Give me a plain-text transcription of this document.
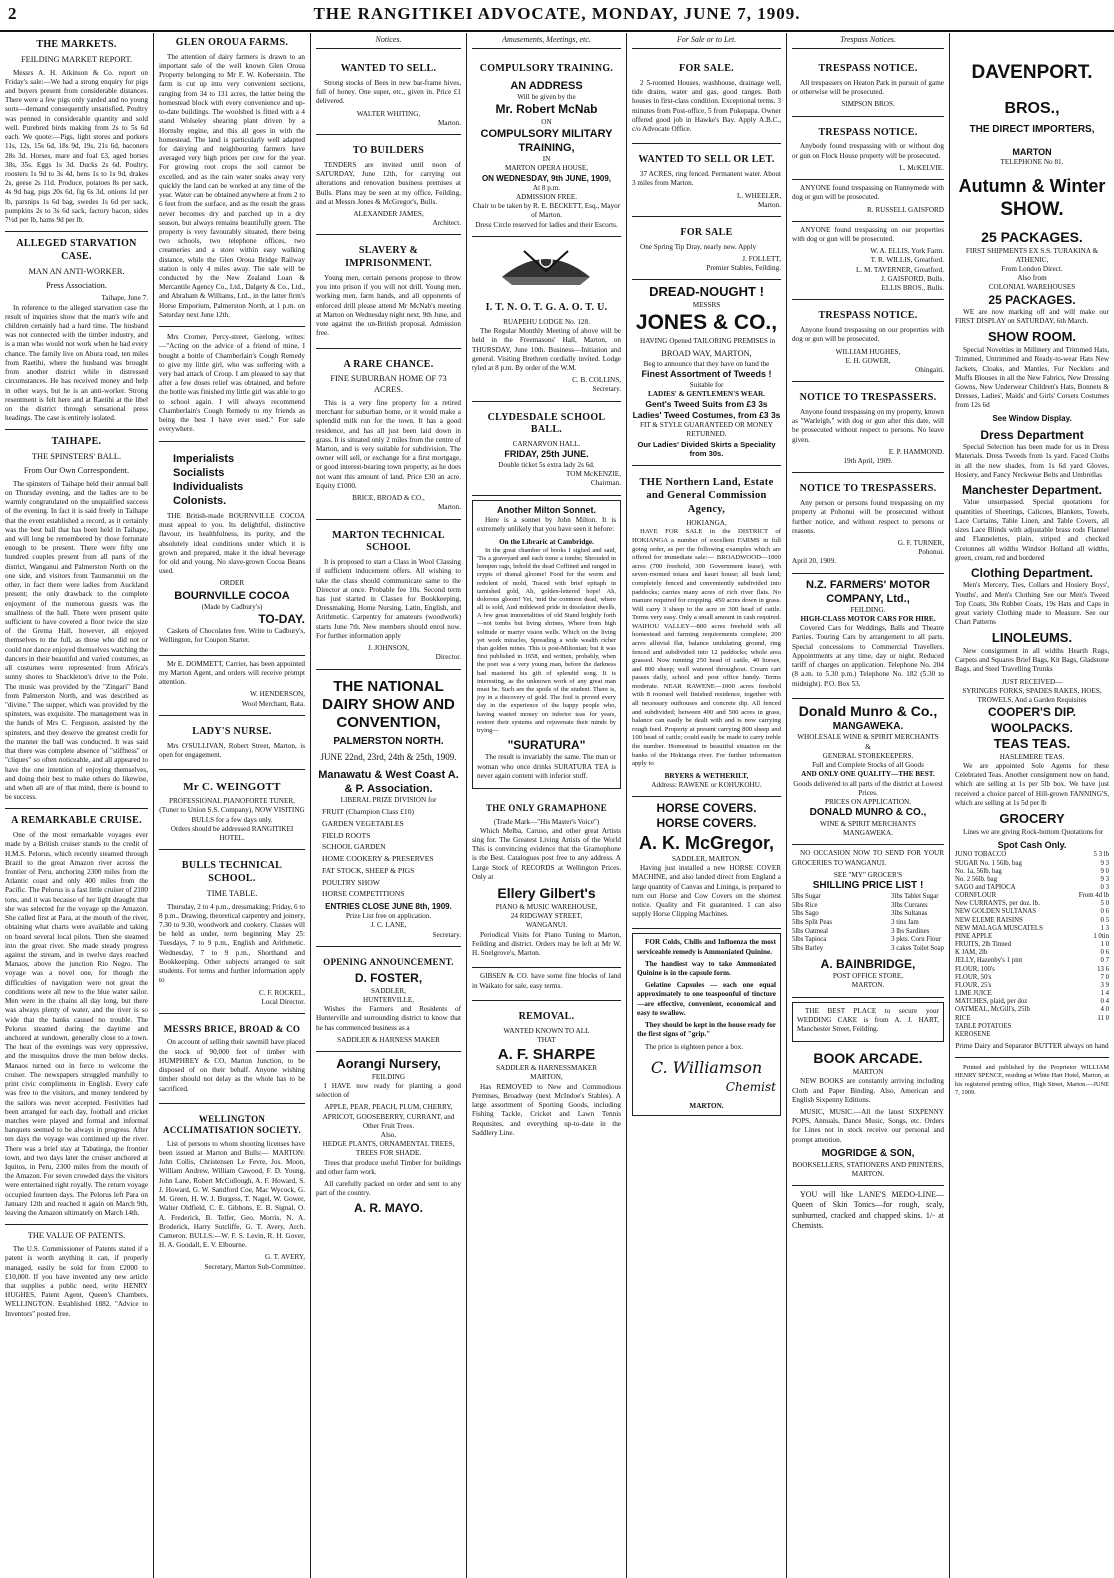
2	THE RANGITIKEI ADVOCATE, MONDAY, JUNE 7, 1909.
THE MARKETS.
FEILDING MARKET REPORT.

Messrs A. H. Atkinson & Co. report on Friday's sale:—We had a strong enquiry for pigs and buyers present from considerable distances. There were a few pigs only yarded and no young sorts—demand consequently unsatisfied. Poultry was penned in considerable quantity and sold well. Purebred birds making from 2s to 5s 6d each. We quote:—Pigs, light stores and porkers 11s, 12s, 15s 6d, 18s 9d, 19s, 21s 6d, baconers 28s 3d. Horses, mare and foal £3, aged horses 38s, 35s. Eggs 1s 3d. Ducks 2s 6d. Poultry, roosters 1s 9d to 3s 4d, hens 1s to 1s 9d, drakes 2s, geese 2s 11d. Produce, potatoes 8s per sack, 4s 9d bag, pigs 20s 6d, fig 6s 3d, onions 1d per lb, parsnips 1s 6d bag, swedes 1s 6d per sack, pumpkins 2s to 3s 6d sack, factory bacon, sides 7½d per lb, hams 9d per lb.

ALLEGED STARVATION CASE.
MAN AN ANTI-WORKER.
Press Association.
Taihape, June 7.

In reference to the alleged starvation case the result of inquiries show that the man's wife and children certainly had a hard time. The husband was not connected with the timber industry, and is a man who would not work when he had every chance. The family live on Abura road, ten miles from Raetihi, where the husband was brought from another district while in distressed circumstances. He has received money and help in other ways, but he is an anti-worker. Strong resentment is felt here and at Raetihi at the libel on the district through sensational press headings. The case is entirely isolated.

TAIHAPE.
THE SPINSTERS' BALL.
From Our Own Correspondent.

The spinsters of Taihape held their annual ball on Thursday evening, and the ladies are to be warmly congratulated on the unqualified success of the evening. In fact it is said freely in Taihape that the event established a record, as it certainly was the best ball that has been held in Taihape, and will long be remembered by those fortunate enough to be present. There were fifty one hundred couples present from all parts of the district, Wanganui and Palmerston North on the one side, and visitors from Taumarunui on the other, in fact there were ladies from Auckland present; the only drawback to the complete enjoyment of the numerous guests was the smallness of the hall. There were present quite sufficient to have covered a floor twice the size of the Gretna Hall, however, all enjoyed themselves to the full, as those who did not or could not dance enjoyed themselves watching the dancers in their beautiful and varied costumes, as all costumes were represented from Africa's sunny shores to Shackleton's drive to the Pole. The music was provided by the "Zingari" Band from Palmerston North, and was described as "divine." The supper, which was provided by the spinsters, was exquisite. The management was in the hands of Mrs C. Ferguson, assisted by the spinsters, and they deserve the greatest credit for the manner the ball was conducted. It was said that there was complete absence of "stiffness" or "cliques" so often noticeable, and all appeared to have the one intention of enjoying themselves, and doing their best to make others do likewise, and when all are of that mind, there is bound to be success.

A REMARKABLE CRUISE.

One of the most remarkable voyages ever made by a British cruiser stands to the credit of H.M.S. Pelorus, which recently steamed through Brazil to the great Amazon river across the frontier of Peru, anchoring 2300 miles from the Atlantic coast and only 400 miles from the Pacific. The Pelorus is a fast little cruiser of 2100 tons, and it was because of her light draught that she was selected for the voyage up the Amazon. She called first at Para, at the mouth of the river, obtaining what charts were available and taking on board several local pilots. Then she steamed into the great river. She made steady progress against the stream, and in twelve days reached Manaos, above the junction Rio Negro. The voyage was a novel one, for though the difficulties of navigation were not great the conditions were all new to the blue water sailor. Men were in the chains all day long, but there was always plenty of water, and the river is so wide that the banks caused no trouble. The Pelorus steamed during the daytime and anchored at sundown, generally close to a town. The heat of the evenings was very oppressive, and the mosquitos drove the men below decks. Manaos turned out in force to welcome the cruiser. The newspapers struggled manfully to print civic compliments in English. Every cafe was free to the visitors, and money tendered by the sailors was never accepted. Festivities had been arranged for each day, football and cricket matches were played and formal and informal banquets seemed to be always in progress. After ten days the voyage was continued up the river. There was a brief stay at Tabatinga, the frontier town, and two days later the cruiser anchored at Iquitos, in Peru, 2300 miles from the mouth of the Amazon. For seven crowded days the visitors were entertained right royally. The return voyage occupied fourteen days. The Pelorus left Para on January 12th and reached it again on March 9th, leaving the Amazon ultimately on March 14th.

THE VALUE OF PATENTS.

The U.S. Commissioner of Patents stated if a patent is worth anything it can, if properly managed, easily be sold for from £2000 to £10,000. If you have invented any new article that supplies a public need, write HENRY HUGHES, Patent Agent, Queen's Chambers, WELLINGTON. Established 1882. "Advice to Inventors" posted free.

GLEN OROUA FARMS.

The attention of dairy farmers is drawn to an important sale of the well known Glen Oroua Property belonging to Mr F. W. Koberstein. The farm is cut up into very convenient sections, ranging from 34 to 131 acres, the latter being the homestead block with every convenience and up-to-date buildings. The woolshed is fitted with a 4 stand Wolseley shearing plant driven by a Hornsby engine, and this all goes in with the homestead. The land is particularly well adapted for dairying and neighbouring farmers have averaged very high prices per cow for the year. For growing root crops the soil cannot be excelled, and as the rain water soaks away very quickly the land can be worked at any time of the year. Water can be obtained anywhere at from 2 to 6 feet from the surface, and as the result the grass never becomes dry and parched up in a dry season, but always remains beautifully green. The property is very favourably situated, there being two schools, two telephone offices, two creameries and a store within easy walking distance, while the Glen Oroua Bridge Railway station is only 4 miles away. The sale will be conducted by the New Zealand Loan & Mercantile Agency Co., Ltd., Dalgety & Co., Ltd., and Abraham & Williams, Ltd., in the latter firm's Horse Emporium, Palmerston North, at 1 p.m. on Saturday next June 12th.

Mrs Cromer, Percy-street, Geelong, writes:—"Acting on the advice of a friend of mine, I bought a bottle of Chamberlain's Cough Remedy to give my little girl, who was suffering with a very bad attack of Croup. I am pleased to say that after a few doses relief was obtained, and before the bottle was finished my little girl was able to go to school again. I will always recommend Chamberlain's Cough Remedy to my friends as being the best I have ever used." For sale everywhere.

Imperialists
Socialists
Individualists
Colonists.

THE British-made BOURNVILLE COCOA must appeal to you. Its delightful, distinctive flavour, its healthfulness, its purity, and the absolutely ideal conditions under which it is grown and prepared, make it the ideal beverage for old and young. No slave-grown Cocoa Beans used.

ORDER
BOURNVILLE COCOA
(Made by Cadbury's)
TO-DAY.

Caskets of Chocolates free. Write to Cadbury's, Wellington, for Coupon Starter.

Mr E. DOMMETT, Carrier, has been appointed my Marton Agent, and orders will receive prompt attention.

W. HENDERSON,
Wool Merchant, Rata.
LADY'S NURSE.

Mrs O'SULLIVAN, Robert Street, Marton, is open for engagement.

Mr C. WEINGOTT
PROFESSIONAL PIANOFORTE TUNER, (Tuner to Union S.S. Company), NOW VISITING BULLS for a few days only.
Orders should be addressed RANGITIKEI HOTEL.
BULLS TECHNICAL SCHOOL.
TIME TABLE.

Thursday, 2 to 4 p.m., dressmaking; Friday, 6 to 8 p.m., Drawing, theoretical carpentry and joinery, 7.30 to 9.30, woodwork and cookery. Classes will be held as under, term beginning May 25: Tuesdays, 7 to 9 p.m., English and Arithmetic. Wednesday, 7 to 9 p.m., Shorthand and Bookkeeping. Other subjects arranged to suit students. For terms and further information apply to

C. F. ROCKEL,
Local Director.
MESSRS BRICE, BROAD & CO

On account of selling their sawmill have placed the stock of 90,000 feet of timber with HUMPHREY & CO, Marton Junction, to be disposed of on their behalf. Anyone wishing timber should not delay as the whole has to be sacrificed.

WELLINGTON ACCLIMATISATION SOCIETY.

List of persons to whom shooting licenses have been issued at Marton and Bulls:— MARTON: John Collis, Christensen Le Fevre, Jos. Moon, William Andrew, William Cawood, F. D. Young, John Lane, Robert McCullough, A. F. Howard, S. J. Howard, G. W. Sandford Coe, Mac Wycock, G. M. Green, H. W. J. Burgess, T. Nagel, W. Gower, Walter Oldfield, C. E. Gibbons, E. B. Signal, O. A. Frederick, B. Telfer, Geo. Morris, N. A. Broderick, Harry Sutcliffe, G. T. Avery, Arch. Cameron. BULLS:—W. F. S. Levin, R. H. Gover, H. A. Goodall, E. V. Elbourne.

G. T. AVERY,
Secretary, Marton Sub-Committee.
Notices.
WANTED TO SELL.

Strong stocks of Bees in new bar-frame hives, full of honey. One super, etc., given in. Price £1 delivered.

WALTER WHITING,
Marton.
TO BUILDERS

TENDERS are invited until noon of SATURDAY, June 12th, for carrying out alterations and renovation business premises at Bulls. Plans may be seen at my office, Feilding, and at Messrs Jones & McGregor's, Bulls.

ALEXANDER JAMES,
Architect.
SLAVERY & IMPRISONMENT.

Young men, certain persons propose to throw you into prison if you will not drill. Young men, working men, farm hands, and all opponents of enforced drill please attend Mr McNab's meeting at Marton on Wednesday night next, 9th June, and vote against the un-British proposal. Admission free.

A RARE CHANCE.
FINE SUBURBAN HOME OF 73 ACRES.

This is a very fine property for a retired merchant for suburban home, or it would make a splendid milk run for the town. It has a good residence, and has all just been laid down in grass. It is situated only 2 miles from the centre of Marton, and is very suitable for subdivision. The owner will sell, or exchange for a first mortgage, or good interest-bearing town property, as he does not want this amount of land. Price £30 an acre. Equity £1000.

BRICE, BROAD & CO.,
Marton.
MARTON TECHNICAL SCHOOL

It is proposed to start a Class in Wool Classing if sufficient inducement offers. All wishing to take the class should communicate same to the Director at once. Probable fee 10s. Second term has just started in Classes for Bookkeeping, Dressmaking, Home Nursing, Latin, English, and Arithmetic. Carpentry for amateurs (woodwork) starts June 7th. New members should enrol now. For further information apply

J. JOHNSON,
Director.
THE NATIONAL DAIRY SHOW AND CONVENTION,
PALMERSTON NORTH.
JUNE 22nd, 23rd, 24th & 25th, 1909.
Manawatu & West Coast A. & P. Association.
LIBERAL PRIZE DIVISION for
FRUIT (Champion Class £10)
GARDEN VEGETABLES
FIELD ROOTS
SCHOOL GARDEN
HOME COOKERY & PRESERVES
FAT STOCK, SHEEP & PIGS
POULTRY SHOW
HORSE COMPETITIONS
ENTRIES CLOSE JUNE 8th, 1909.
Prize List free on application.
J. C. LANE,
Secretary.
OPENING ANNOUNCEMENT.
D. FOSTER,
SADDLER,
HUNTERVILLE,

Wishes the Farmers and Residents of Hunterville and surrounding district to know that he has commenced business as a

SADDLER & HARNESS MAKER
Aorangi Nursery,
FEILDING

I HAVE now ready for planting a good selection of

APPLE, PEAR, PEACH, PLUM, CHERRY, APRICOT, GOOSEBERRY, CURRANT, and Other Fruit Trees.
Also,
HEDGE PLANTS, ORNAMENTAL TREES, TREES FOR SHADE.

Trees that produce useful Timber for buildings and other farm work.

All carefully packed on order and sent to any part of the country.

A. R. MAYO.
Amusements, Meetings, etc.
COMPULSORY TRAINING.
AN ADDRESS
Will be given by the
Mr. Robert McNab
ON
COMPULSORY MILITARY TRAINING,
IN
MARTON OPERA HOUSE,
ON WEDNESDAY, 9th JUNE, 1909,
At 8 p.m.
ADMISSION FREE.
Chair to be taken by R. E. BECKETT, Esq., Mayor of Marton.
Dress Circle reserved for ladies and their Escorts.
I. T. N. O. T. G. A. O. T. U.
RUAPEHU LODGE No. 128.

The Regular Monthly Meeting of above will be held in the Freemasons' Hall, Marton, on THURSDAY, June 10th. Business—Initiation and general. Visiting Brethren cordially invited. Lodge tyled at 8 p.m. By order of the W.M.

C. B. COLLINS,
Secretary.
CLYDESDALE SCHOOL BALL.
CARNARVON HALL.
FRIDAY, 25th JUNE.
Double ticket 5s extra lady 2s 6d.
TOM McKENZIE,
Chairman.
Another Milton Sonnet.

Here is a sonnet by John Milton. It is extremely unlikely that you have seen it before:

On the Libraric at Cambridge.

In the great chamber of books I sighed and said, 'Tis a graveyard and each tome a tombe; Shrouded in hempen rags, behold the dead Coffined and ranged in crypts of dismal gloome! Food for the worm and redolent of mold, Traced with brief epitaph in tarnished gold, Ah, golden-lettered hope! Ah, dolorous gloom! Yet, 'mid the common dead, where all is sold, And mildewed pride in desolation dwells, A few great immortalities of old Stand brightly forth—not tombs but living shrines, Where from high solitude or martyr vision wells. Which on the living yet work miracles, Spreading a wide wealth richer than golden mines. This is post-Miltonian; but it was first published in 1658, and written, probably, when the poet was a very young man, before the darkness had mastered his gift of splendid song. It is interesting, as the unknown work of any great man must be. Such are the spoils of the student. There is, joy in a discovery of gold. The fool is proved every day in the experience of the happy people who, having wasted money on inferior teas for years, restore their systems and rejuvenate their minds by trying—

"SURATURA"

The result is invariably the same. The man or woman who once drinks SURATURA TEA is never again content with inferior stuff.

THE ONLY GRAMAPHONE
(Trade Mark—"His Master's Voice")

Which Melba, Caruso, and other great Artists sing for. The Greatest Living Artists of the World This is convincing evidence that the Gramophone is the Best. Catalogues post free to any address. A Large Stock of RECORDS at Wellington Prices. Only at

Ellery Gilbert's
PIANO & MUSIC WAREHOUSE,
24 RIDGWAY STREET,
WANGANUI.

Periodical Visits for Piano Tuning to Marton, Feilding and district. Orders may be left at Mr W. H. Snelgrove's, Marton.

GIBSEN & CO. have some fine blocks of land in Waikato for sale, easy terms.

REMOVAL.
WANTED KNOWN TO ALL
THAT
A. F. SHARPE
SADDLER & HARNESSMAKER
MARTON,

Has REMOVED to New and Commodious Premises, Broadway (next McIndoe's Stables). A large assortment of Sporting Goods, including Fishing Tackle, Cricket and Lawn Tennis Requisites, and everything up-to-date in the Saddlery Line.

For Sale or to Let.
FOR SALE.

2 5-roomed Houses, washhouse, drainage well, tide drains, water and gas, good ranges. Both houses in first-class condition. Exceptional terms. 3 minutes from Post-office, 5 from Pukepapa. Owner offered good job in Hawke's Bay. Apply A.B.C., c/o Advocate Office.

WANTED TO SELL OR LET.

37 ACRES, ring fenced. Permanent water. About 3 miles from Marton.

L. WHEELER,
Marton.
FOR SALE

One Spring Tip Dray, nearly new. Apply

J. FOLLETT,
Premier Stables, Feilding.
DREAD-NOUGHT !
MESSRS
JONES & CO.,

HAVING Opened TAILORING PREMISES in

BROAD WAY, MARTON,
Beg to announce that they have on hand the
Finest Assortment of Tweeds !
Suitable for
LADIES' & GENTLEMEN'S WEAR.
Gent's Tweed Suits from £3 3s
Ladies' Tweed Costumes, from £3 3s
FIT & STYLE GUARANTEED OR MONEY RETURNED.
Our Ladies' Divided Skirts a Speciality from 30s.
THE Northern Land, Estate and General Commission Agency,
HOKIANGA,

HAVE FOR SALE in the DISTRICT of HOKIANGA a number of excellent FARMS in full going order, as per the following examples which are offered for immediate sale:— BROADWOOD—1000 acres (700 freehold, 300 Government lease), with seven-roomed totara and kauri house; all bush land; completely fenced and conveniently subdivided into paddocks; carries many acres of rich river flats. No manure required for cropping. 450 acres down in grass. Will carry 3 sheep to the acre or 300 head of cattle. Terms very easy. Only a small amount in cash required. WAIHOU VALLEY—800 acres freehold with all homestead and farming requirements complete; 200 acres alluvial flat, balance undulating ground, ring fenced and subdivided into 12 paddocks; whole area grassed. Now running 250 head of cattle, 40 horses, and 800 sheep; well watered throughout. Cream cart passes daily, school and post office handy. Terms moderate. NEAR RAWENE—1000 acres freehold with 8 roomed well finished residence, together with all necessary outhouses and concrete dip. All fenced and subdivided; between 400 and 500 acres in grass, balance can easily be dealt with and is now carrying rough feed. Property at present carrying 800 sheep and 100 head of cattle; could easily be made to carry treble the number. Homestead in beautiful situation on the banks of the Hokianga river. For further information apply to

BRYERS & WETHERILT,
Address: RAWENE or KOHUKOHU.
HORSE COVERS.
HORSE COVERS.
A. K. McGregor,
SADDLER, MARTON.

Having just installed a new HORSE COVER MACHINE, and also landed direct from England a large quantity of Canvas and Linings, is prepared to turn out Horse and Cow Covers on the shortest notice. Quality and Fit guaranteed. I can also supply Horse Clipping Machines.

FOR Colds, Chills and Influenza the most serviceable remedy is Ammoniated Quinine.

The handiest way to take Ammoniated Quinine is in the capsule form.

Gelatine Capsules — each one equal approximately to one teaspoonful of tincture—are effective, convenient, economical and easy to swallow.

They should be kept in the house ready for the first signs of "grip."

The price is eighteen pence a box.

C. Williamson
Chemist
MARTON.
Trespass Notices.
TRESPASS NOTICE.

All trespassers on Heaton Park in pursuit of game or otherwise will be prosecuted.

SIMPSON BROS.
TRESPASS NOTICE.

Anybody found trespassing with or without dog or gun on Flock House property will be prosecuted.

L. McKELVIE.

ANYONE found trespassing on Runnymede with dog or gun will be prosecuted.

R. RUSSELL GAISFORD

ANYONE found trespassing on our properties with dog or gun will be prosecuted.

W. A. ELLIS, York Farm.
T. R. WILLIS, Greatford.
L. M. TAVERNER, Greatford.
J. GAISFORD, Bulls.
ELLIS BROS., Bulls.
TRESPASS NOTICE.

Anyone found trespassing on our properties with dog or gun will be prosecuted.

WILLIAM HUGHES,
E. H. GOWER,
Ohingaiti.
NOTICE TO TRESPASSERS.

Anyone found trespassing on my property, known as "Warleigh," with dog or gun after this date, will be prosecuted without respect to persons. No leave given.

E. P. HAMMOND.
19th April, 1909.
NOTICE TO TRESPASSERS.

Any person or persons found trespassing on my property at Pohonui will be prosecuted without further notice, and without respect to persons or reasons.

G. F. TURNER,
Pohonui.
April 20, 1909.
N.Z. FARMERS' MOTOR COMPANY, Ltd.,
FEILDING.
HIGH-CLASS MOTOR CARS FOR HIRE.

Covered Cars for Weddings, Balls and Theatre Parties. Touring Cars by arrangement to all parts. Special concessions to Commercial Travellers. Appointments at any time, day or night. Reduced tariff of charges on application. Telephone No. 204 (8 a.m. to 5.30 p.m.) Telephone No. 182 (5.30 to midnight). P.O. Box 53.

Donald Munro & Co.,
MANGAWEKA.
WHOLESALE WINE & SPIRIT MERCHANTS
&
GENERAL STOREKEEPERS.
Full and Complete Stocks of all Goods
AND ONLY ONE QUALITY—THE BEST.
Goods delivered to all parts of the district at Lowest Prices.
PRICES ON APPLICATION.
DONALD MUNRO & CO.,
WINE & SPIRIT MERCHANTS
MANGAWEKA.

NO OCCASION NOW TO SEND FOR YOUR GROCERIES TO WANGANUI.

SEE "MY" GROCER'S
SHILLING PRICE LIST !
5lbs Sugar
5lbs Rice
5lbs Sago
5lbs Split Peas
5lbs Oatmeal
5lbs Tapioca
5lbs Barley
3lbs Tablet Sugar
3lbs Currants
3lbs Sultanas
3 tins Jam
3 lbs Sardines
3 pkts. Corn Flour
3 cakes Toilet Soap
A. BAINBRIDGE,
POST OFFICE STORE,
MARTON.

THE BEST PLACE to secure your WEDDING CAKE is from A. J. HART, Manchester Street, Feilding.

BOOK ARCADE.
MARTON

NEW BOOKS are constantly arriving including Cloth and Paper Binding. Also, American and English Sixpenny Editions.

MUSIC, MUSIC.—All the latest SIXPENNY POPS, Annuals, Dance Music, Songs, etc. Orders for Lines not in stock receive our personal and prompt attention.

MOGRIDGE & SON,
BOOKSELLERS, STATIONERS AND PRINTERS,
MARTON.

YOU will like LANE'S MEDO-LINE—Queen of Skin Tonics—for rough, scaly, sunburned, cracked and chapped skins. 1/- at Chemists.

DAVENPORT.
BROS.,
THE DIRECT IMPORTERS,
MARTON
TELEPHONE No 81.
Autumn & Winter
SHOW.
25 PACKAGES.
FIRST SHIPMENTS EX S.S. TURAKINA & ATHENIC,
From London Direct.
Also from
COLONIAL WAREHOUSES
25 PACKAGES.

WE are now marking off and will make our FIRST DISPLAY on SATURDAY, 6th March.

SHOW ROOM.

Special Novelties in Millinery and Trimmed Hats, Trimmed, Untrimmed and Ready-to-wear Hats New Jackets, Cloaks, and Mantles, Fur Necklets and Muffs Blouses in all the New Fabrics, New Dressing Gowns, New Underwear Children's Hats, Bonnets & Dresses, Ladies', Maids' and Girls' Corsets Costumes from 12s 6d

See Window Display.
Dress Department

Special Selection has been made for us in Dress Materials. Dress Tweeds from 1s yard. Faced Cloths in all the new shades, from 1s 6d yard Gloves, Hosiery, and Fancy Neckwear Belts and Umbrellas

Manchester Department.

Value unsurpassed. Special quotations for quantities of Sheetings, Calicoes, Blankets, Towels, Lace Curtains, Table Linen, and Table Covers, all sizes Lace Blinds with adjustable brass rods Flannel and Flannelettes, plain, striped and checked Cretonnes all widths Windsor Holland all widths, green, cream, red and bordered

Clothing Department.

Men's Mercery, Ties, Collars and Hosiery Boys', Youths', and Men's Clothing See our Men's Tweed Top Coats, 30s Rubber Coats, 19s Hats and Caps in great variety Clothing made to Measure. See our Chart Patterns

LINOLEUMS.

New consignment in all widths Hearth Rugs, Carpets and Squares Brief Bags, Kit Bags, Gladstone Bags, and Steel Travelling Trunks

JUST RECEIVED—
SYRINGES FORKS, SPADES RAKES, HOES, TROWELS, And a Garden Requisites
COOPER'S DIP.
WOOLPACKS.
TEAS TEAS.
HASLEMERE TEAS.

We are appointed Sole Agents for these Celebrated Teas. Another consignment now on hand, which are selling at 1s per 5lb box. We have just received a choice parcel of Hill-grown FANNING'S, which are selling at 1s 5d per lb

GROCERY

Lines we are giving Rock-bottom Quotations for

Spot Cash Only.
JUNO TOBACCO	5 3 lb
SUGAR No. 1 56lb. bag	9 3
No. 1a, 56lb. bag	9 0
No. 2 56lb. bag	9 3
SAGO and TAPIOCA	0 3
CORNFLOUR	From 4d lb
New CURRANTS, per doz. lb.	5 0
NEW GOLDEN SULTANAS	0 6
NEW ELEME RAISINS	0 5
NEW MALAGA MUSCATELS	1 3
PINE APPLE	1 0tin
FRUITS, 2lb Tinned	1 0
K JAM, 2lb	0 6
JELLY, Hazenby's 1 pint	0 7
FLOUR, 100's	13 6
FLOUR, 50's	7 0
FLOUR, 25's	3 9
LIME JUICE	1 4
MATCHES, plaid, per doz	0 4
OATMEAL, McGill's, 25lb	4 0
RICE	11 0
TABLE POTATOES
KEROSENE
Prime Dairy and Separator BUTTER always on hand

Printed and published by the Proprietor WILLIAM HENRY SPENCE, residing at White Hart Hotel, Marton, at his registered printing office, High Street, Marton.—JUNE 7, 1909.
